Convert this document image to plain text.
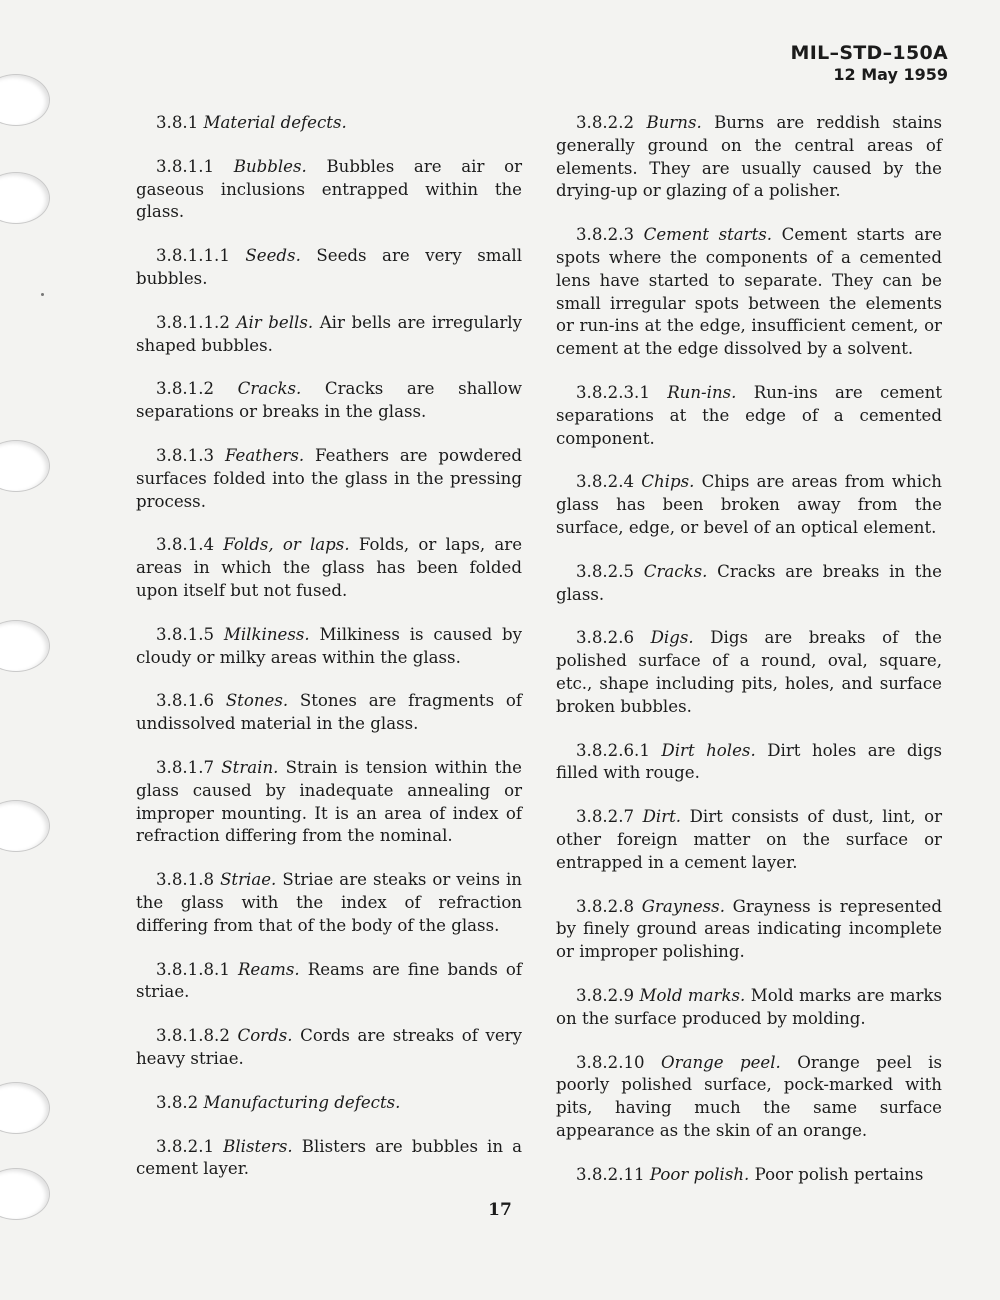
MIL–STD–150A
12 May 1959

3.8.1 Material defects.

3.8.1.1 Bubbles. Bubbles are air or gaseous inclusions entrapped within the glass.

3.8.1.1.1 Seeds. Seeds are very small bubbles.

3.8.1.1.2 Air bells. Air bells are irregularly shaped bubbles.

3.8.1.2 Cracks. Cracks are shallow separations or breaks in the glass.

3.8.1.3 Feathers. Feathers are powdered surfaces folded into the glass in the pressing process.

3.8.1.4 Folds, or laps. Folds, or laps, are areas in which the glass has been folded upon itself but not fused.

3.8.1.5 Milkiness. Milkiness is caused by cloudy or milky areas within the glass.

3.8.1.6 Stones. Stones are fragments of undissolved material in the glass.

3.8.1.7 Strain. Strain is tension within the glass caused by inadequate annealing or improper mounting. It is an area of index of refraction differing from the nominal.

3.8.1.8 Striae. Striae are steaks or veins in the glass with the index of refraction differing from that of the body of the glass.

3.8.1.8.1 Reams. Reams are fine bands of striae.

3.8.1.8.2 Cords. Cords are streaks of very heavy striae.

3.8.2 Manufacturing defects.

3.8.2.1 Blisters. Blisters are bubbles in a cement layer.

3.8.2.2 Burns. Burns are reddish stains generally ground on the central areas of elements. They are usually caused by the drying-up or glazing of a polisher.

3.8.2.3 Cement starts. Cement starts are spots where the components of a cemented lens have started to separate. They can be small irregular spots between the elements or run-ins at the edge, insufficient cement, or cement at the edge dissolved by a solvent.

3.8.2.3.1 Run-ins. Run-ins are cement separations at the edge of a cemented component.

3.8.2.4 Chips. Chips are areas from which glass has been broken away from the surface, edge, or bevel of an optical element.

3.8.2.5 Cracks. Cracks are breaks in the glass.

3.8.2.6 Digs. Digs are breaks of the polished surface of a round, oval, square, etc., shape including pits, holes, and surface broken bubbles.

3.8.2.6.1 Dirt holes. Dirt holes are digs filled with rouge.

3.8.2.7 Dirt. Dirt consists of dust, lint, or other foreign matter on the surface or entrapped in a cement layer.

3.8.2.8 Grayness. Grayness is represented by finely ground areas indicating incomplete or improper polishing.

3.8.2.9 Mold marks. Mold marks are marks on the surface produced by molding.

3.8.2.10 Orange peel. Orange peel is poorly polished surface, pock-marked with pits, having much the same surface appearance as the skin of an orange.

3.8.2.11 Poor polish. Poor polish pertains

17
